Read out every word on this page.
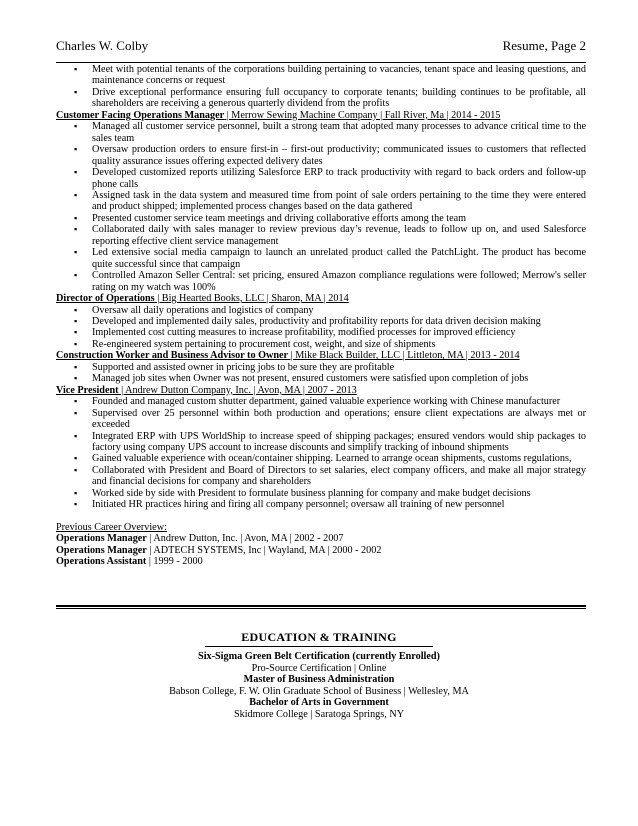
Charles W. Colby	Resume, Page 2
▪ Meet with potential tenants of the corporations building pertaining to vacancies, tenant space and leasing questions, and maintenance concerns or request
▪ Drive exceptional performance ensuring full occupancy to corporate tenants; building continues to be profitable, all shareholders are receiving a generous quarterly dividend from the profits
Customer Facing Operations Manager | Merrow Sewing Machine Company | Fall River, Ma | 2014 - 2015
▪ Managed all customer service personnel, built a strong team that adopted many processes to advance critical time to the sales team
▪ Oversaw production orders to ensure first-in – first-out productivity; communicated issues to customers that reflected quality assurance issues offering expected delivery dates
▪ Developed customized reports utilizing Salesforce ERP to track productivity with regard to back orders and follow-up phone calls
▪ Assigned task in the data system and measured time from point of sale orders pertaining to the time they were entered and product shipped; implemented process changes based on the data gathered
▪ Presented customer service team meetings and driving collaborative efforts among the team
▪ Collaborated daily with sales manager to review previous day’s revenue, leads to follow up on, and used Salesforce reporting effective client service management
▪ Led extensive social media campaign to launch an unrelated product called the PatchLight. The product has become quite successful since that campaign
▪ Controlled Amazon Seller Central: set pricing, ensured Amazon compliance regulations were followed; Merrow's seller rating on my watch was 100%
Director of Operations | Big Hearted Books, LLC | Sharon, MA | 2014
▪ Oversaw all daily operations and logistics of company
▪ Developed and implemented daily sales, productivity and profitability reports for data driven decision making
▪ Implemented cost cutting measures to increase profitability, modified processes for improved efficiency
▪ Re-engineered system pertaining to procurement cost, weight, and size of shipments
Construction Worker and Business Advisor to Owner | Mike Black Builder, LLC | Littleton, MA | 2013 - 2014
▪ Supported and assisted owner in pricing jobs to be sure they are profitable
▪ Managed job sites when Owner was not present, ensured customers were satisfied upon completion of jobs
Vice President | Andrew Dutton Company, Inc. | Avon, MA | 2007 - 2013
▪ Founded and managed custom shutter department, gained valuable experience working with Chinese manufacturer
▪ Supervised over 25 personnel within both production and operations; ensure client expectations are always met or exceeded
▪ Integrated ERP with UPS WorldShip to increase speed of shipping packages; ensured vendors would ship packages to factory using company UPS account to increase discounts and simplify tracking of inbound shipments
▪ Gained valuable experience with ocean/container shipping. Learned to arrange ocean shipments, customs regulations,
▪ Collaborated with President and Board of Directors to set salaries, elect company officers, and make all major strategy and financial decisions for company and shareholders
▪ Worked side by side with President to formulate business planning for company and make budget decisions
▪ Initiated HR practices hiring and firing all company personnel; oversaw all training of new personnel
Previous Career Overview:
Operations Manager | Andrew Dutton, Inc. | Avon, MA | 2002 - 2007
Operations Manager | ADTECH SYSTEMS, Inc | Wayland, MA | 2000 - 2002
Operations Assistant | 1999 - 2000
EDUCATION & TRAINING
Six-Sigma Green Belt Certification (currently Enrolled)
Pro-Source Certification | Online
Master of Business Administration
Babson College, F. W. Olin Graduate School of Business | Wellesley, MA
Bachelor of Arts in Government
Skidmore College | Saratoga Springs, NY
